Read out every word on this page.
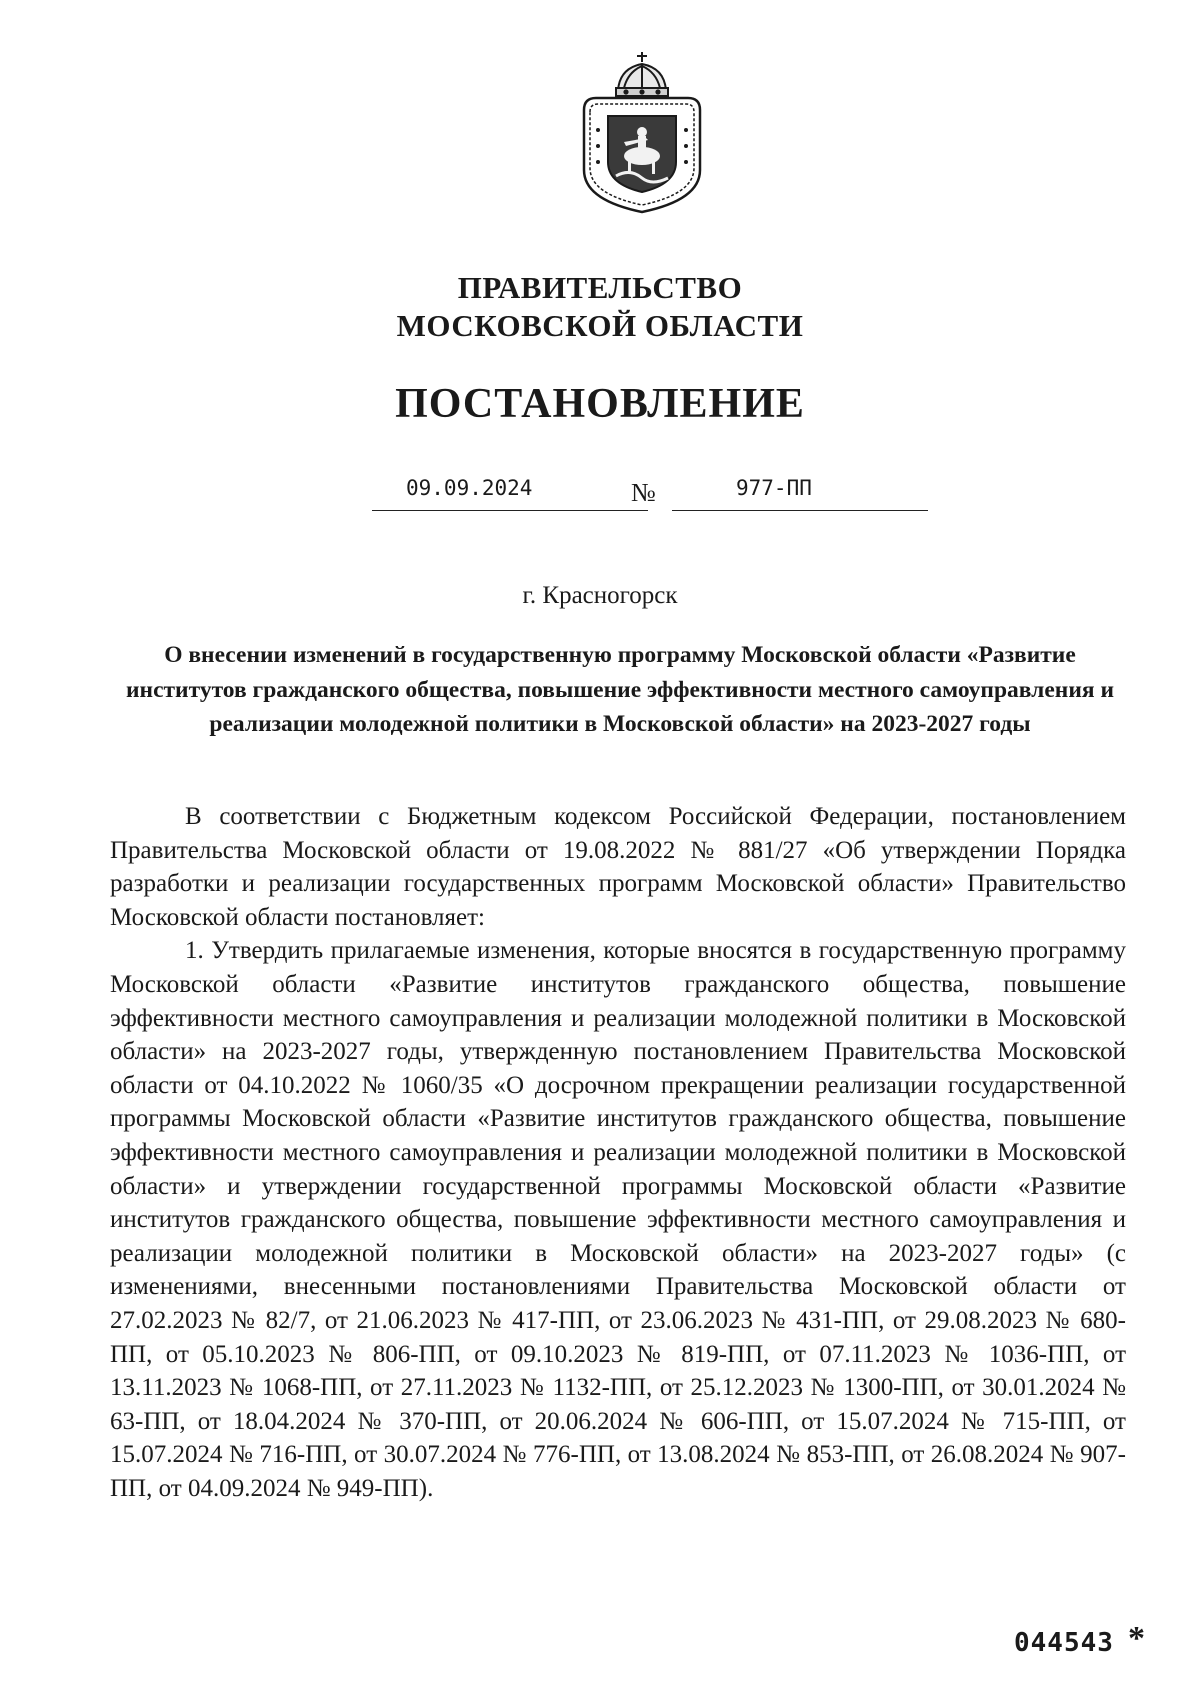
ПРАВИТЕЛЬСТВО
МОСКОВСКОЙ ОБЛАСТИ
ПОСТАНОВЛЕНИЕ
09.09.2024	№	977-ПП
г. Красногорск
О внесении изменений в государственную программу Московской области «Развитие институтов гражданского общества, повышение эффективности местного самоуправления и реализации молодежной политики в Московской области» на 2023-2027 годы

В соответствии с Бюджетным кодексом Российской Федерации, постановлением Правительства Московской области от 19.08.2022 № 881/27 «Об утверждении Порядка разработки и реализации государственных программ Московской области» Правительство Московской области постановляет:

1. Утвердить прилагаемые изменения, которые вносятся в государственную программу Московской области «Развитие институтов гражданского общества, повышение эффективности местного самоуправления и реализации молодежной политики в Московской области» на 2023-2027 годы, утвержденную постановлением Правительства Московской области от 04.10.2022 № 1060/35 «О досрочном прекращении реализации государственной программы Московской области «Развитие институтов гражданского общества, повышение эффективности местного самоуправления и реализации молодежной политики в Московской области» и утверждении государственной программы Московской области «Развитие институтов гражданского общества, повышение эффективности местного самоуправления и реализации молодежной политики в Московской области» на 2023-2027 годы» (с изменениями, внесенными постановлениями Правительства Московской области от 27.02.2023 № 82/7, от 21.06.2023 № 417-ПП, от 23.06.2023 № 431-ПП, от 29.08.2023 № 680-ПП, от 05.10.2023 № 806-ПП, от 09.10.2023 № 819-ПП, от 07.11.2023 № 1036-ПП, от 13.11.2023 № 1068-ПП, от 27.11.2023 № 1132-ПП, от 25.12.2023 № 1300-ПП, от 30.01.2024 № 63-ПП, от 18.04.2024 № 370-ПП, от 20.06.2024 № 606-ПП, от 15.07.2024 № 715-ПП, от 15.07.2024 № 716-ПП, от 30.07.2024 № 776-ПП, от 13.08.2024 № 853-ПП, от 26.08.2024 № 907-ПП, от 04.09.2024 № 949-ПП).

044543 *
